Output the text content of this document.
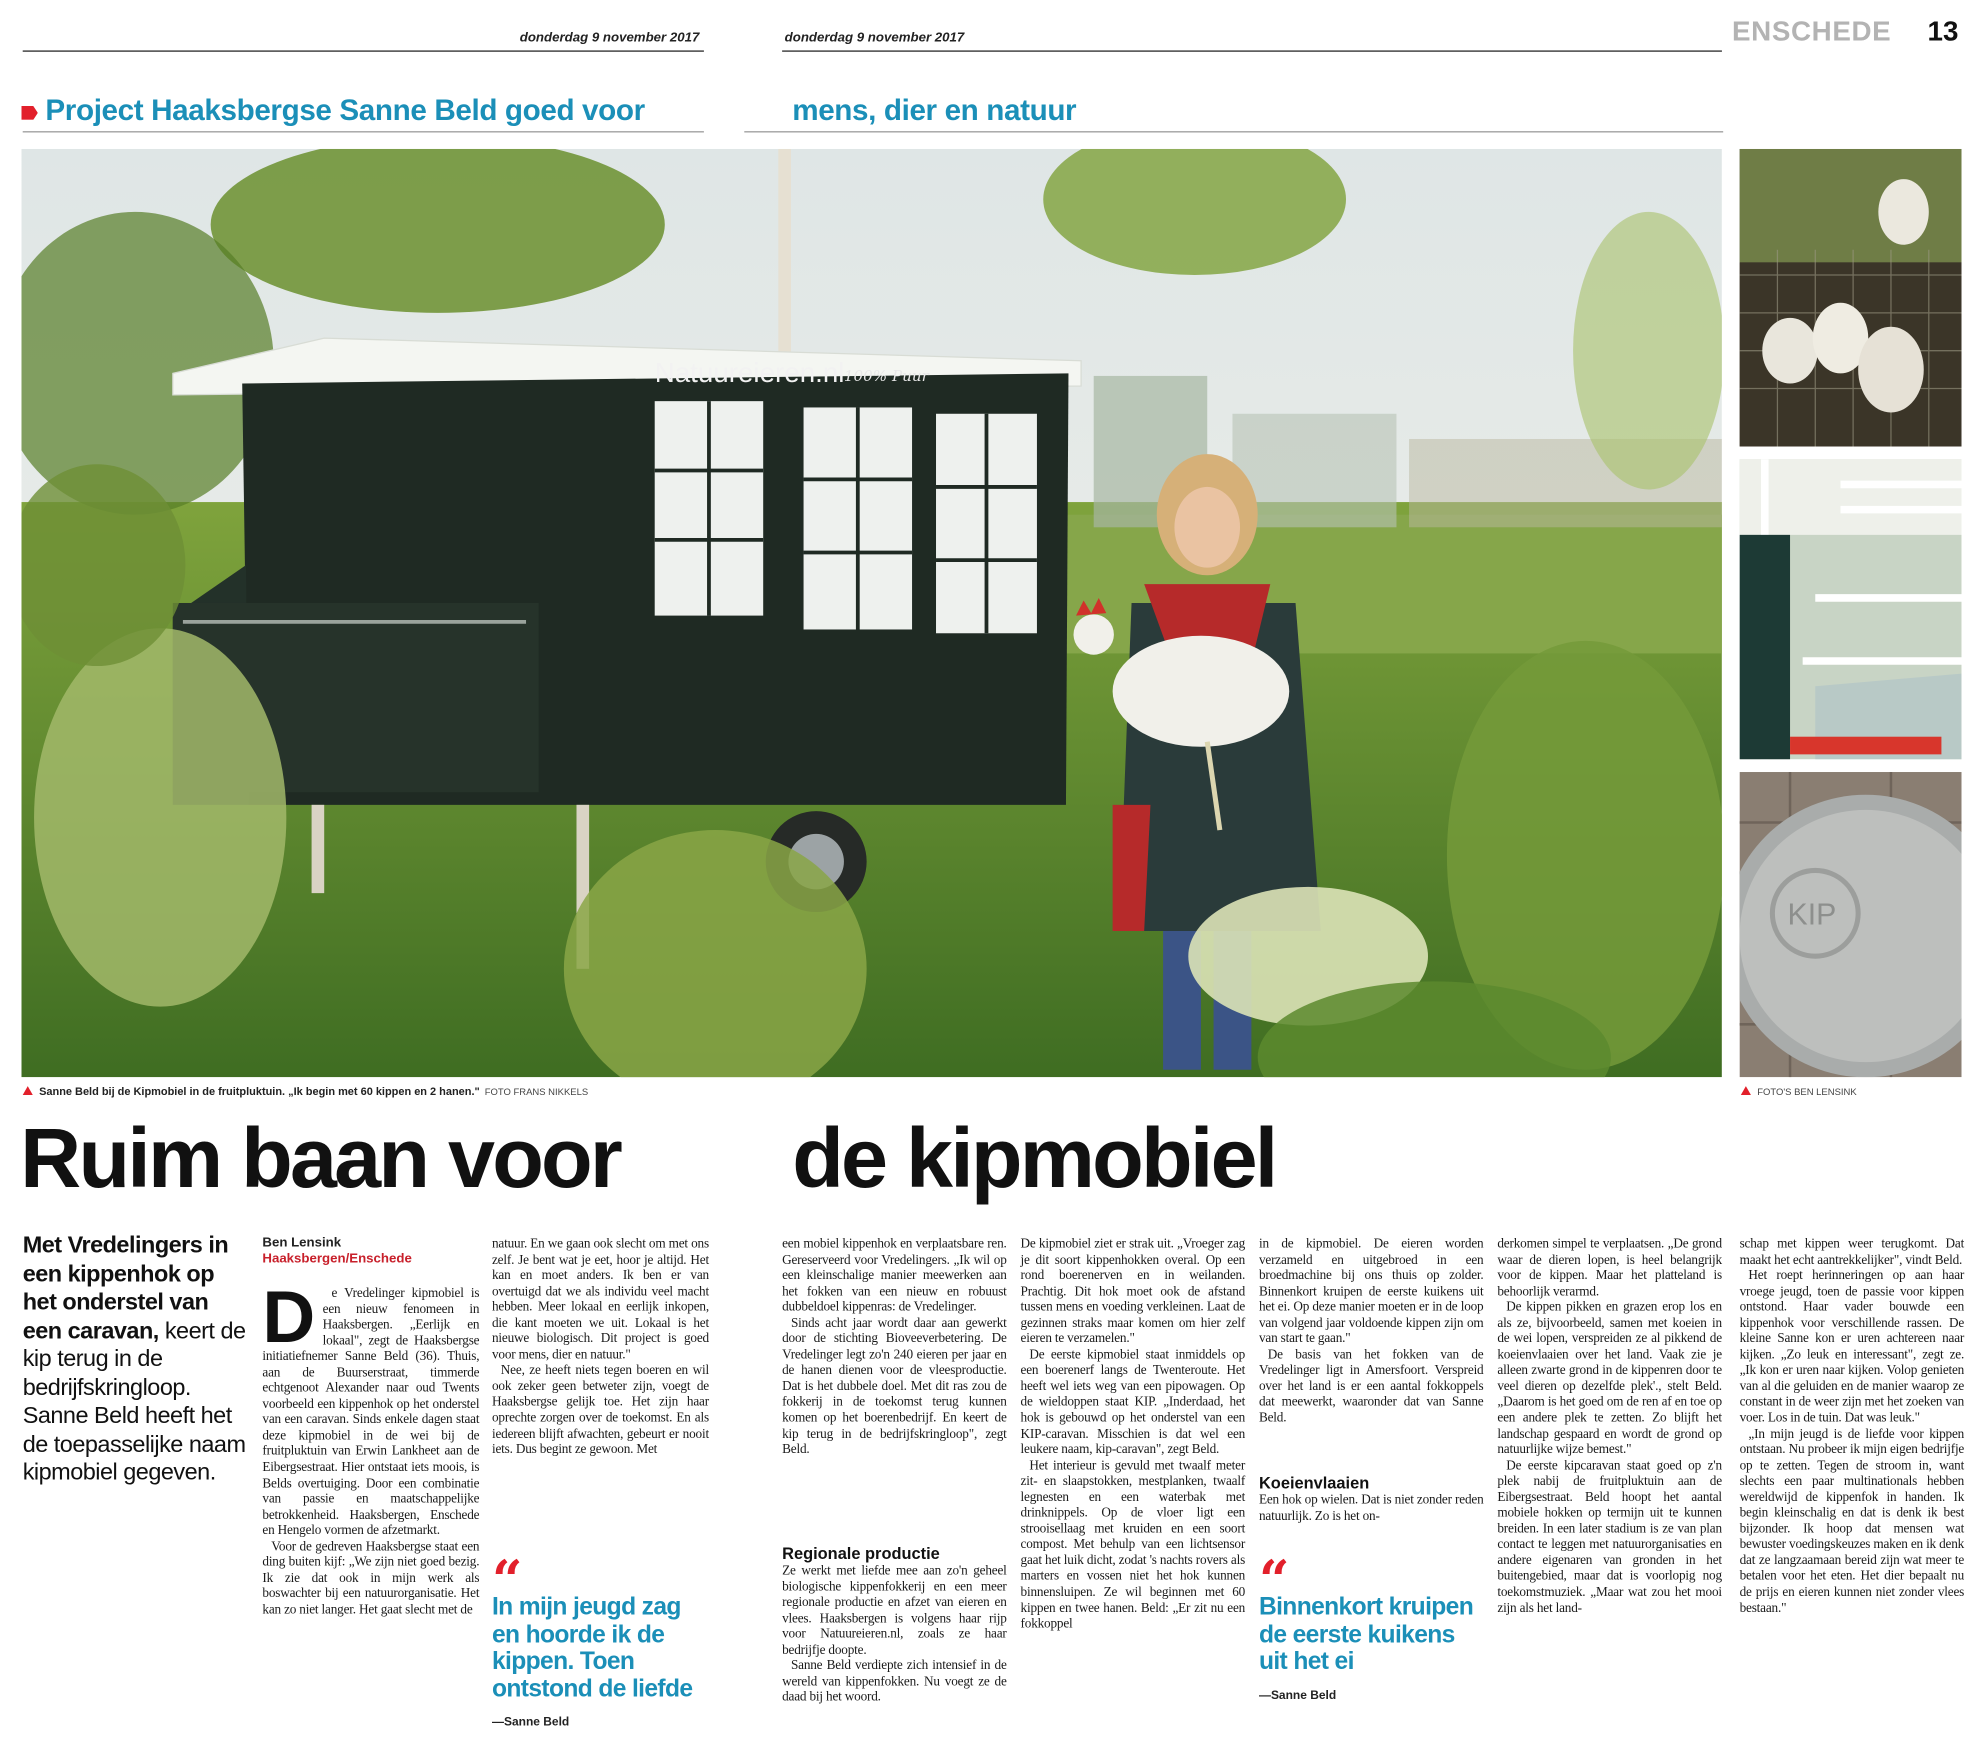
donderdag 9 november 2017	donderdag 9 november 2017	ENSCHEDE 13
Project Haaksbergse Sanne Beld goed voor	mens, dier en natuur
Natuureieren.nl 100% Puur
KIP
Sanne Beld bij de Kipmobiel in de fruitpluktuin. „Ik begin met 60 kippen en 2 hanen." FOTO FRANS NIKKELS	FOTO'S BEN LENSINK
Ruim baan voor	de kipmobiel
Met Vredelingers in een kippenhok op het onderstel van een caravan, keert de kip terug in de bedrijfskringloop. Sanne Beld heeft het de toepasselijke naam kipmobiel gegeven.
Ben Lensink
Haaksbergen/Enschede

D e Vredelinger kipmobiel is een nieuw fenomeen in Haaksbergen. „Eerlijk en lokaal", zegt de Haaksbergse initiatiefnemer Sanne Beld (36). Thuis, aan de Buurserstraat, timmerde echtgenoot Alexander naar oud Twents voorbeeld een kippenhok op het onderstel van een caravan. Sinds enkele dagen staat deze kipmobiel in de wei bij de fruitpluktuin van Erwin Lankheet aan de Eibergsestraat. Hier ontstaat iets moois, is Belds overtuiging. Door een combinatie van passie en maatschappelijke betrokkenheid. Haaksbergen, Enschede en Hengelo vormen de afzetmarkt.

Voor de gedreven Haaksbergse staat een ding buiten kijf: „We zijn niet goed bezig. Ik zie dat ook in mijn werk als boswachter bij een natuurorganisatie. Het kan zo niet langer. Het gaat slecht met de

natuur. En we gaan ook slecht om met ons zelf. Je bent wat je eet, hoor je altijd. Het kan en moet anders. Ik ben er van overtuigd dat we als individu veel macht hebben. Meer lokaal en eerlijk inkopen, die kant moeten we uit. Lokaal is het nieuwe biologisch. Dit project is goed voor mens, dier en natuur."

Nee, ze heeft niets tegen boeren en wil ook zeker geen betweter zijn, voegt de Haaksbergse gelijk toe. Het zijn haar oprechte zorgen over de toekomst. En als iedereen blijft afwachten, gebeurt er nooit iets. Dus begint ze gewoon. Met

“
In mijn jeugd zag en hoorde ik de kippen. Toen ontstond de liefde
—Sanne Beld

een mobiel kippenhok en verplaatsbare ren. Gereserveerd voor Vredelingers. „Ik wil op een kleinschalige manier meewerken aan het fokken van een nieuw en robuust dubbeldoel kippenras: de Vredelinger.

Sinds acht jaar wordt daar aan gewerkt door de stichting Bioveeverbetering. De Vredelinger legt zo'n 240 eieren per jaar en de hanen dienen voor de vleesproductie. Dat is het dubbele doel. Met dit ras zou de fokkerij in de toekomst terug kunnen komen op het boerenbedrijf. En keert de kip terug in de bedrijfskringloop", zegt Beld.

Regionale productie

Ze werkt met liefde mee aan zo'n geheel biologische kippenfokkerij en een meer regionale productie en afzet van eieren en vlees. Haaksbergen is volgens haar rijp voor Natuureieren.nl, zoals ze haar bedrijfje doopte.

Sanne Beld verdiepte zich intensief in de wereld van kippenfokken. Nu voegt ze de daad bij het woord.

De kipmobiel ziet er strak uit. „Vroeger zag je dit soort kippenhokken overal. Op een rond boerenerven en in weilanden. Prachtig. Dit hok moet ook de afstand tussen mens en voeding verkleinen. Laat de gezinnen straks maar komen om hier zelf eieren te verzamelen."

De eerste kipmobiel staat inmiddels op een boerenerf langs de Twenteroute. Het heeft wel iets weg van een pipowagen. Op de wieldoppen staat KIP. „Inderdaad, het hok is gebouwd op het onderstel van een KIP-caravan. Misschien is dat wel een leukere naam, kip-caravan", zegt Beld.

Het interieur is gevuld met twaalf meter zit- en slaapstokken, mestplanken, twaalf legnesten en een waterbak met drinknippels. Op de vloer ligt een strooisellaag met kruiden en een soort compost. Met behulp van een lichtsensor gaat het luik dicht, zodat 's nachts rovers als marters en vossen niet het hok kunnen binnensluipen. Ze wil beginnen met 60 kippen en twee hanen. Beld: „Er zit nu een fokkoppel

in de kipmobiel. De eieren worden verzameld en uitgebroed in een broedmachine bij ons thuis op zolder. Binnenkort kruipen de eerste kuikens uit het ei. Op deze manier moeten er in de loop van volgend jaar voldoende kippen zijn om van start te gaan."

De basis van het fokken van de Vredelinger ligt in Amersfoort. Verspreid over het land is er een aantal fokkoppels dat meewerkt, waaronder dat van Sanne Beld.

Koeienvlaaien

Een hok op wielen. Dat is niet zonder reden natuurlijk. Zo is het on-

“
Binnenkort kruipen de eerste kuikens uit het ei
—Sanne Beld

derkomen simpel te verplaatsen. „De grond waar de dieren lopen, is heel belangrijk voor de kippen. Maar het platteland is behoorlijk verarmd.

De kippen pikken en grazen erop los en als ze, bijvoorbeeld, samen met koeien in de wei lopen, verspreiden ze al pikkend de koeienvlaaien over het land. Vaak zie je alleen zwarte grond in de kippenren door te veel dieren op dezelfde plek'., stelt Beld. „Daarom is het goed om de ren af en toe op een andere plek te zetten. Zo blijft het landschap gespaard en wordt de grond op natuurlijke wijze bemest."

De eerste kipcaravan staat goed op z'n plek nabij de fruitpluktuin aan de Eibergsestraat. Beld hoopt het aantal mobiele hokken op termijn uit te kunnen breiden. In een later stadium is ze van plan contact te leggen met natuurorganisaties en andere eigenaren van gronden in het buitengebied, maar dat is voorlopig nog toekomstmuziek. „Maar wat zou het mooi zijn als het land-

schap met kippen weer terugkomt. Dat maakt het echt aantrekkelijker", vindt Beld.

Het roept herinneringen op aan haar vroege jeugd, toen de passie voor kippen ontstond. Haar vader bouwde een kippenhok voor verschillende rassen. De kleine Sanne kon er uren achtereen naar kijken. „Zo leuk en interessant", zegt ze. „Ik kon er uren naar kijken. Volop genieten van al die geluiden en de manier waarop ze constant in de weer zijn met het zoeken van voer. Los in de tuin. Dat was leuk."

„In mijn jeugd is de liefde voor kippen ontstaan. Nu probeer ik mijn eigen bedrijfje op te zetten. Tegen de stroom in, want slechts een paar multinationals hebben wereldwijd de kippenfok in handen. Ik begin kleinschalig en dat is denk ik best bijzonder. Ik hoop dat mensen wat bewuster voedingskeuzes maken en ik denk dat ze langzaamaan bereid zijn wat meer te betalen voor het eten. Het dier bepaalt nu de prijs en eieren kunnen niet zonder vlees bestaan."
